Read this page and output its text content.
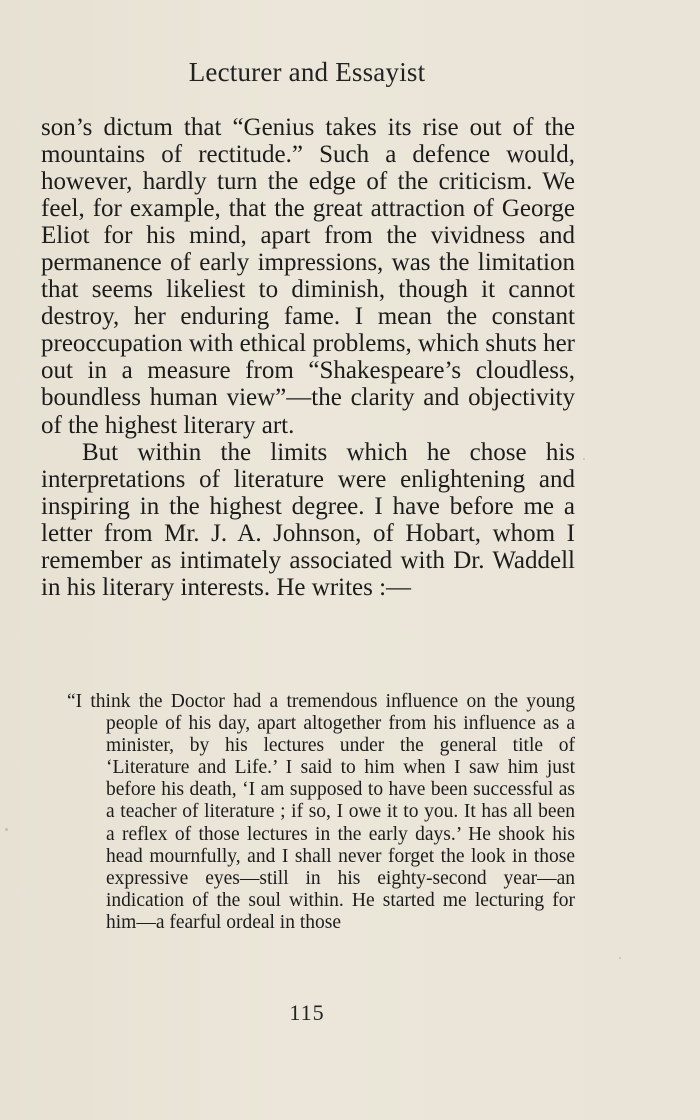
Lecturer and Essayist

son’s dictum that “Genius takes its rise out of the mountains of rectitude.” Such a defence would, however, hardly turn the edge of the criticism. We feel, for example, that the great attraction of George Eliot for his mind, apart from the vividness and permanence of early impressions, was the limitation that seems likeliest to diminish, though it cannot destroy, her enduring fame. I mean the constant preoccupation with ethical problems, which shuts her out in a measure from “Shakespeare’s cloudless, boundless human view”—the clarity and objectivity of the highest literary art.

But within the limits which he chose his interpretations of literature were enlightening and inspiring in the highest degree. I have before me a letter from Mr. J. A. Johnson, of Hobart, whom I remember as intimately associated with Dr. Waddell in his literary interests. He writes :—

“I think the Doctor had a tremendous influence on the young people of his day, apart altogether from his influence as a minister, by his lectures under the general title of ‘Literature and Life.’ I said to him when I saw him just before his death, ‘I am supposed to have been successful as a teacher of literature ; if so, I owe it to you. It has all been a reflex of those lectures in the early days.’ He shook his head mournfully, and I shall never forget the look in those expressive eyes—still in his eighty-second year—an indication of the soul within. He started me lecturing for him—a fearful ordeal in those

115
